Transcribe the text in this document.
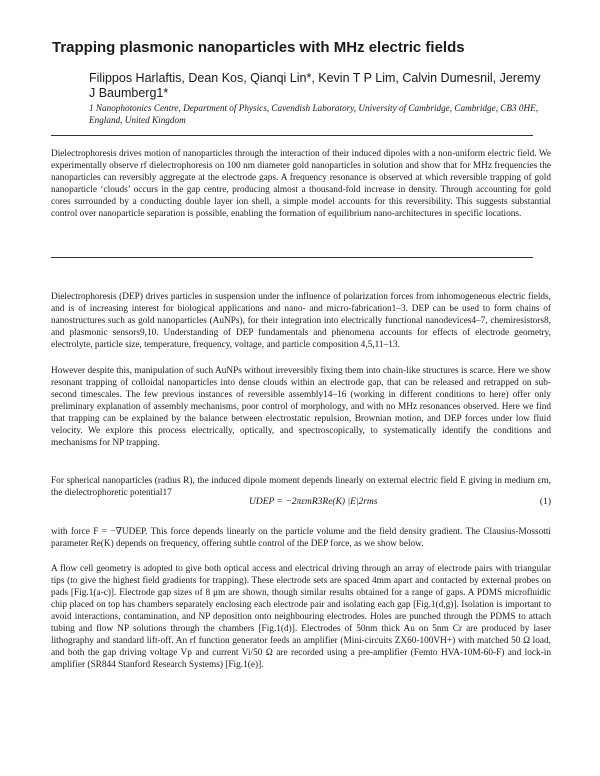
Trapping plasmonic nanoparticles with MHz electric fields
Filippos Harlaftis, Dean Kos, Qianqi Lin*, Kevin T P Lim, Calvin Dumesnil, Jeremy J Baumberg1*
1 Nanophotonics Centre, Department of Physics, Cavendish Laboratory, University of Cambridge, Cambridge, CB3 0HE, England, United Kingdom
Dielectrophoresis drives motion of nanoparticles through the interaction of their induced dipoles with a non-uniform electric field. We experimentally observe rf dielectrophoresis on 100 nm diameter gold nanoparticles in solution and show that for MHz frequencies the nanoparticles can reversibly aggregate at the electrode gaps. A frequency resonance is observed at which reversible trapping of gold nanoparticle ‘clouds’ occurs in the gap centre, producing almost a thousand-fold increase in density. Through accounting for gold cores surrounded by a conducting double layer ion shell, a simple model accounts for this reversibility. This suggests substantial control over nanoparticle separation is possible, enabling the formation of equilibrium nano-architectures in specific locations.

Dielectrophoresis (DEP) drives particles in suspension under the influence of polarization forces from inhomogeneous electric fields, and is of increasing interest for biological applications and nano- and micro-fabrication1–3. DEP can be used to form chains of nanostructures such as gold nanoparticles (AuNPs), for their integration into electrically functional nanodevices4–7, chemiresistors8, and plasmonic sensors9,10. Understanding of DEP fundamentals and phenomena accounts for effects of electrode geometry, electrolyte, particle size, temperature, frequency, voltage, and particle composition 4,5,11–13.

However despite this, manipulation of such AuNPs without irreversibly fixing them into chain-like structures is scarce. Here we show resonant trapping of colloidal nanoparticles into dense clouds within an electrode gap, that can be released and retrapped on sub-second timescales. The few previous instances of reversible assembly14–16 (working in different conditions to here) offer only preliminary explanation of assembly mechanisms, poor control of morphology, and with no MHz resonances observed. Here we find that trapping can be explained by the balance between electrostatic repulsion, Brownian motion, and DEP forces under low fluid velocity. We explore this process electrically, optically, and spectroscopically, to systematically identify the conditions and mechanisms for NP trapping.

For spherical nanoparticles (radius R), the induced dipole moment depends linearly on external electric field E giving in medium εm, the dielectrophoretic potential17

UDEP = −2πεmR3Re(K) |E|2rms	(1)

with force F = −∇UDEP. This force depends linearly on the particle volume and the field density gradient. The Clausius-Mossotti parameter Re(K) depends on frequency, offering subtle control of the DEP force, as we show below.

A flow cell geometry is adopted to give both optical access and electrical driving through an array of electrode pairs with triangular tips (to give the highest field gradients for trapping). These electrode sets are spaced 4mm apart and contacted by external probes on pads [Fig.1(a-c)]. Electrode gap sizes of 8 μm are shown, though similar results obtained for a range of gaps. A PDMS microfluidic chip placed on top has chambers separately enclosing each electrode pair and isolating each gap [Fig.1(d,g)]. Isolation is important to avoid interactions, contamination, and NP deposition onto neighbouring electrodes. Holes are punched through the PDMS to attach tubing and flow NP solutions through the chambers [Fig.1(d)]. Electrodes of 50nm thick Au on 5nm Cr are produced by laser lithography and standard lift-off. An rf function generator feeds an amplifier (Mini-circuits ZX60-100VH+) with matched 50 Ω load, and both the gap driving voltage Vp and current Vi/50 Ω are recorded using a pre-amplifier (Femto HVA-10M-60-F) and lock-in amplifier (SR844 Stanford Research Systems) [Fig.1(e)].
